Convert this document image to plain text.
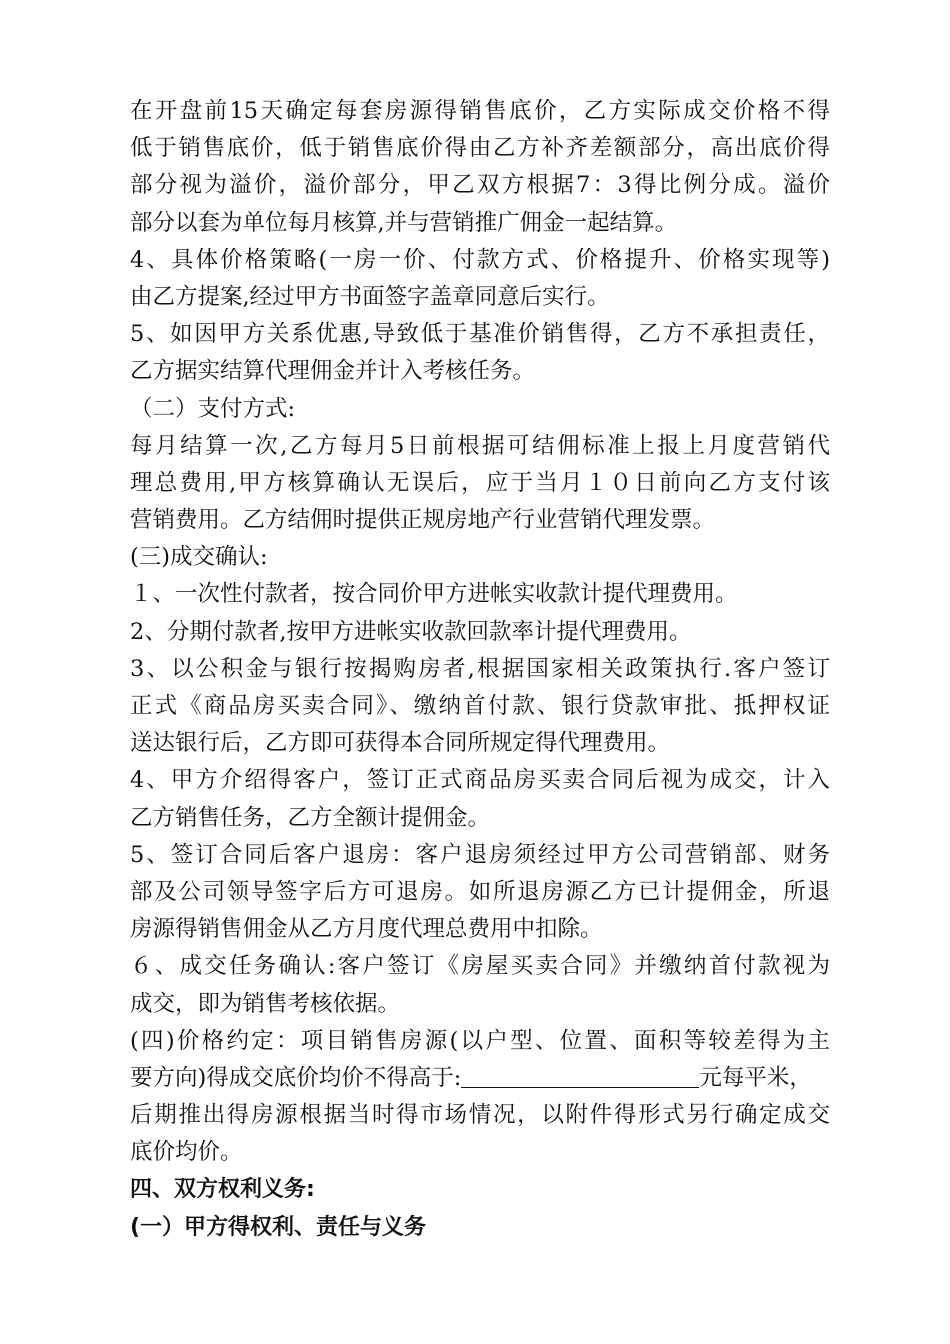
在开盘前15天确定每套房源得销售底价，乙方实际成交价格不得
低于销售底价，低于销售底价得由乙方补齐差额部分，高出底价得
部分视为溢价，溢价部分，甲乙双方根据7：3得比例分成。溢价
部分以套为单位每月核算,并与营销推广佣金一起结算。
4、具体价格策略(一房一价、付款方式、价格提升、价格实现等)
由乙方提案,经过甲方书面签字盖章同意后实行。
5、如因甲方关系优惠,导致低于基准价销售得，乙方不承担责任，
乙方据实结算代理佣金并计入考核任务。
（二）支付方式:
每月结算一次,乙方每月5日前根据可结佣标准上报上月度营销代
理总费用,甲方核算确认无误后，应于当月１０日前向乙方支付该
营销费用。乙方结佣时提供正规房地产行业营销代理发票。
(三)成交确认:
１、一次性付款者，按合同价甲方进帐实收款计提代理费用。
2、分期付款者,按甲方进帐实收款回款率计提代理费用。
3、以公积金与银行按揭购房者,根据国家相关政策执行.客户签订
正式《商品房买卖合同》、缴纳首付款、银行贷款审批、抵押权证
送达银行后，乙方即可获得本合同所规定得代理费用。
4、甲方介绍得客户，签订正式商品房买卖合同后视为成交，计入
乙方销售任务，乙方全额计提佣金。
5、签订合同后客户退房：客户退房须经过甲方公司营销部、财务
部及公司领导签字后方可退房。如所退房源乙方已计提佣金，所退
房源得销售佣金从乙方月度代理总费用中扣除。
６、成交任务确认:客户签订《房屋买卖合同》并缴纳首付款视为
成交，即为销售考核依据。
(四)价格约定：项目销售房源(以户型、位置、面积等较差得为主
要方向)得成交底价均价不得高于:	元每平米，
后期推出得房源根据当时得市场情况，以附件得形式另行确定成交
底价均价。
四、双方权利义务:
(一）甲方得权利、责任与义务
